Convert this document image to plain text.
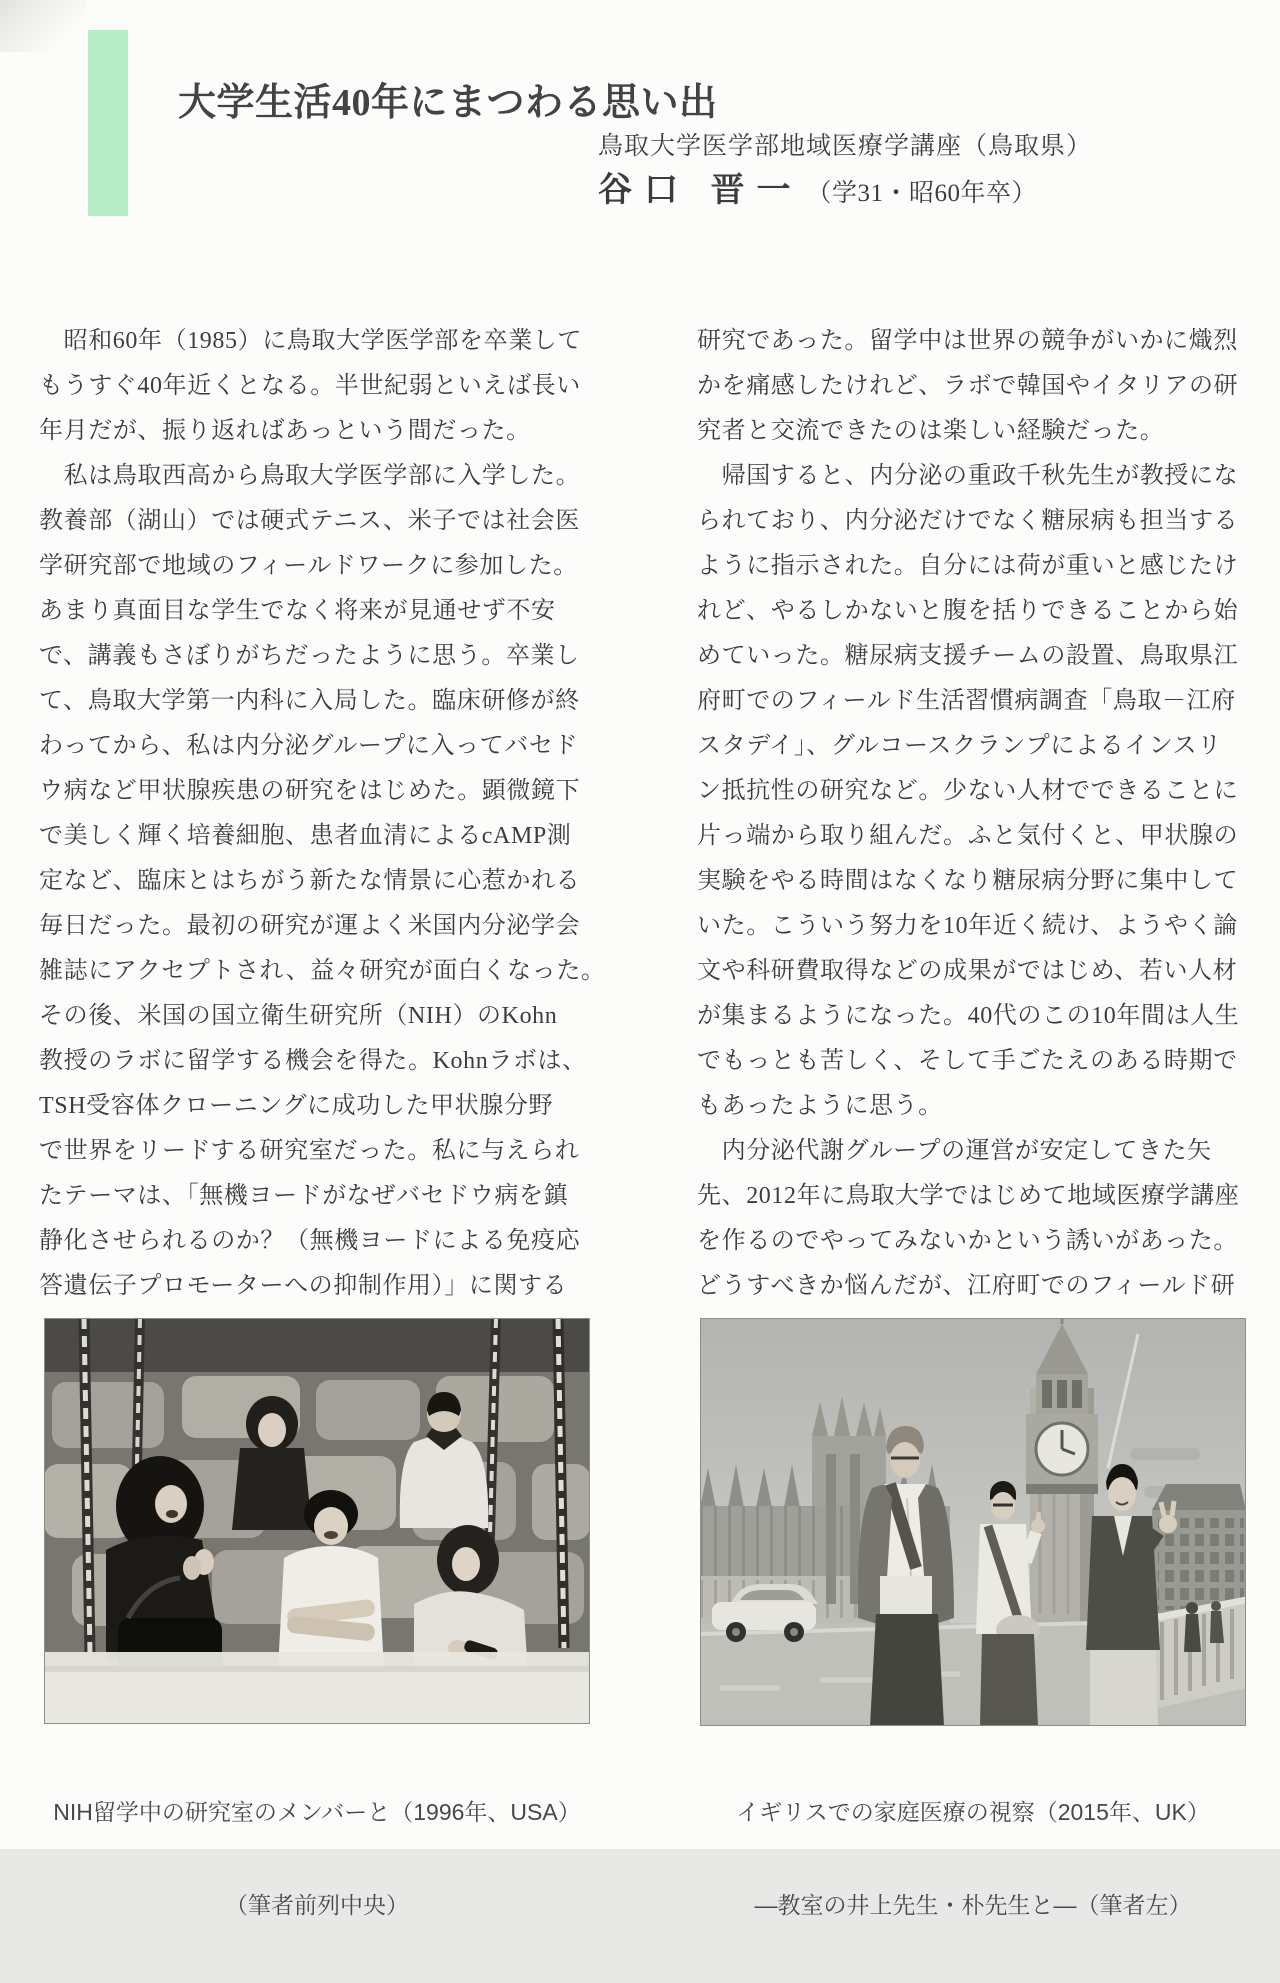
大学生活40年にまつわる思い出
鳥取大学医学部地域医療学講座（鳥取県）
谷口 晋一 （学31・昭60年卒）
　昭和60年（1985）に鳥取大学医学部を卒業して
もうすぐ40年近くとなる。半世紀弱といえば長い
年月だが、振り返ればあっという間だった。
　私は鳥取西高から鳥取大学医学部に入学した。
教養部（湖山）では硬式テニス、米子では社会医
学研究部で地域のフィールドワークに参加した。
あまり真面目な学生でなく将来が見通せず不安
で、講義もさぼりがちだったように思う。卒業し
て、鳥取大学第一内科に入局した。臨床研修が終
わってから、私は内分泌グループに入ってバセド
ウ病など甲状腺疾患の研究をはじめた。顕微鏡下
で美しく輝く培養細胞、患者血清によるcAMP測
定など、臨床とはちがう新たな情景に心惹かれる
毎日だった。最初の研究が運よく米国内分泌学会
雑誌にアクセプトされ、益々研究が面白くなった。
その後、米国の国立衛生研究所（NIH）のKohn
教授のラボに留学する機会を得た。Kohnラボは、
TSH受容体クローニングに成功した甲状腺分野
で世界をリードする研究室だった。私に与えられ
たテーマは、「無機ヨードがなぜバセドウ病を鎮
静化させられるのか？（無機ヨードによる免疫応
答遺伝子プロモーターへの抑制作用）」に関する
研究であった。留学中は世界の競争がいかに熾烈
かを痛感したけれど、ラボで韓国やイタリアの研
究者と交流できたのは楽しい経験だった。
　帰国すると、内分泌の重政千秋先生が教授にな
られており、内分泌だけでなく糖尿病も担当する
ように指示された。自分には荷が重いと感じたけ
れど、やるしかないと腹を括りできることから始
めていった。糖尿病支援チームの設置、鳥取県江
府町でのフィールド生活習慣病調査「鳥取－江府
スタデイ」、グルコースクランプによるインスリ
ン抵抗性の研究など。少ない人材でできることに
片っ端から取り組んだ。ふと気付くと、甲状腺の
実験をやる時間はなくなり糖尿病分野に集中して
いた。こういう努力を10年近く続け、ようやく論
文や科研費取得などの成果がではじめ、若い人材
が集まるようになった。40代のこの10年間は人生
でもっとも苦しく、そして手ごたえのある時期で
もあったように思う。
　内分泌代謝グループの運営が安定してきた矢
先、2012年に鳥取大学ではじめて地域医療学講座
を作るのでやってみないかという誘いがあった。
どうすべきか悩んだが、江府町でのフィールド研

NIH留学中の研究室のメンバーと（1996年、USA）

（筆者前列中央）

イギリスでの家庭医療の視察（2015年、UK）

―教室の井上先生・朴先生と―（筆者左）
